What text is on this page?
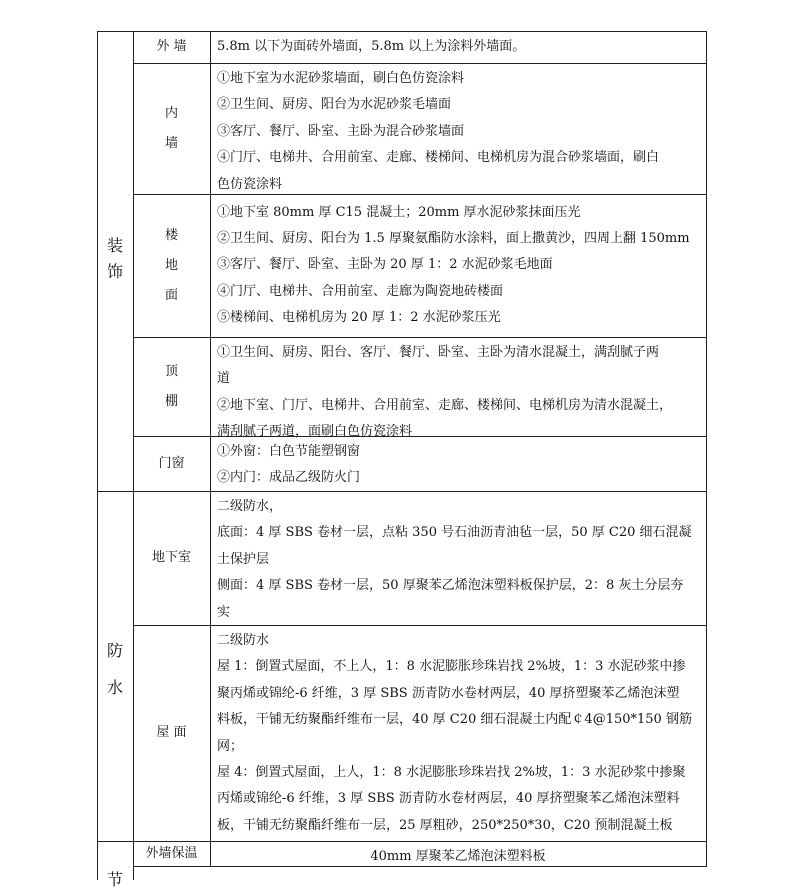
5.8m 以下为面砖外墙面，5.8m 以上为涂料外墙面。
外 墙
①地下室为水泥砂浆墙面，刷白色仿瓷涂料
②卫生间、厨房、阳台为水泥砂浆毛墙面
③客厅、餐厅、卧室、主卧为混合砂浆墙面
④门厅、电梯井、合用前室、走廊、楼梯间、电梯机房为混合砂浆墙面，刷白
色仿瓷涂料
内
墙
①地下室 80mm 厚 C15 混凝土；20mm 厚水泥砂浆抹面压光
②卫生间、厨房、阳台为 1.5 厚聚氨酯防水涂料，面上撒黄沙，四周上翻 150mm
③客厅、餐厅、卧室、主卧为 20 厚 1：2 水泥砂浆毛地面
④门厅、电梯井、合用前室、走廊为陶瓷地砖楼面
⑤楼梯间、电梯机房为 20 厚 1：2 水泥砂浆压光
楼
地
面
①卫生间、厨房、阳台、客厅、餐厅、卧室、主卧为清水混凝土，满刮腻子两
道
②地下室、门厅、电梯井、合用前室、走廊、楼梯间、电梯机房为清水混凝土，
满刮腻子两道，面刷白色仿瓷涂料
顶
棚
①外窗：白色节能塑钢窗
②内门：成品乙级防火门
门窗
二级防水，
底面：4 厚 SBS 卷材一层，点粘 350 号石油沥青油毡一层，50 厚 C20 细石混凝
土保护层
侧面：4 厚 SBS 卷材一层，50 厚聚苯乙烯泡沫塑料板保护层，2：8 灰土分层夯
实
地下室
二级防水
屋 1：倒置式屋面，不上人，1：8 水泥膨胀珍珠岩找 2%坡，1：3 水泥砂浆中掺
聚丙烯或锦纶-6 纤维，3 厚 SBS 沥青防水卷材两层，40 厚挤塑聚苯乙烯泡沫塑
料板，干铺无纺聚酯纤维布一层，40 厚 C20 细石混凝土内配￠4@150*150 钢筋
网；
屋 4：倒置式屋面，上人，1：8 水泥膨胀珍珠岩找 2%坡，1：3 水泥砂浆中掺聚
丙烯或锦纶-6 纤维，3 厚 SBS 沥青防水卷材两层，40 厚挤塑聚苯乙烯泡沫塑料
板，干铺无纺聚酯纤维布一层，25 厚粗砂，250*250*30，C20 预制混凝土板
屋 面
40mm 厚聚苯乙烯泡沫塑料板
外墙保温
装
饰
防
水
节
